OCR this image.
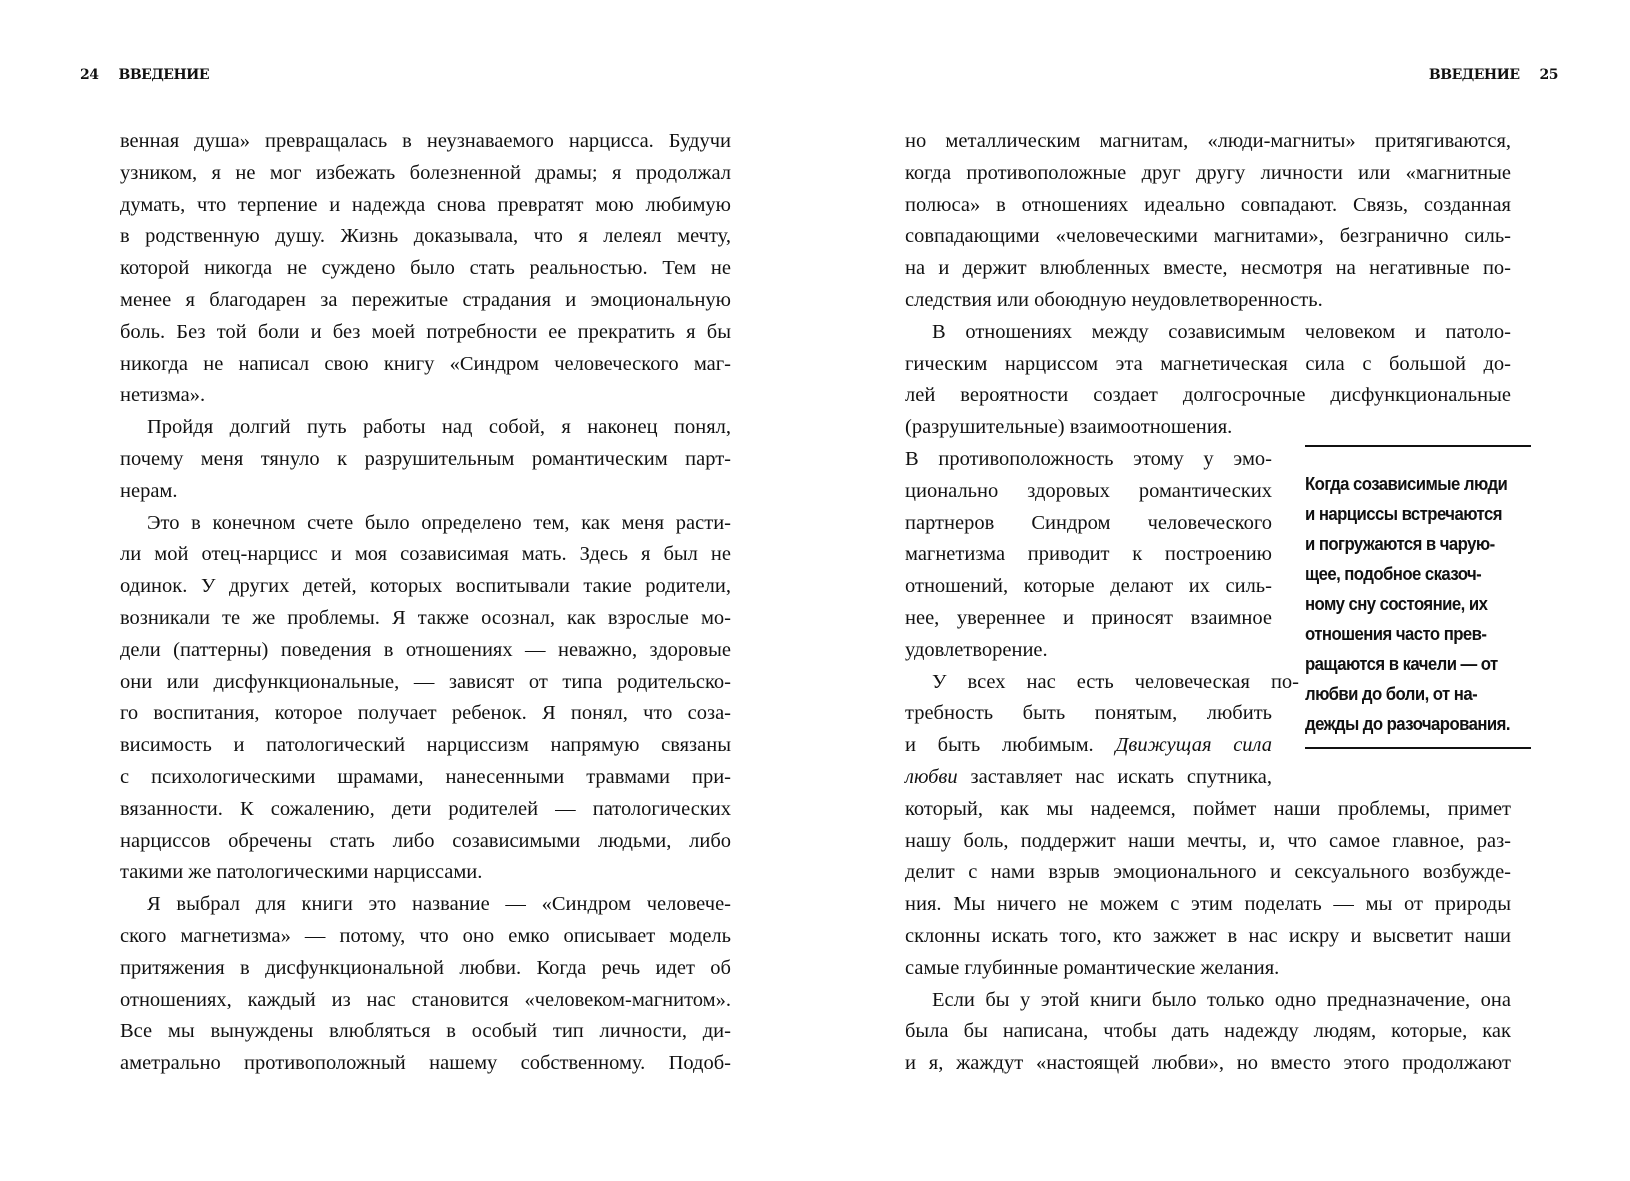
24 ВВЕДЕНИЕ	ВВЕДЕНИЕ 25
венная душа» превращалась в неузнаваемого нарцисса. Будучи
узником, я не мог избежать болезненной драмы; я продолжал
думать, что терпение и надежда снова превратят мою любимую
в родственную душу. Жизнь доказывала, что я лелеял мечту,
которой никогда не суждено было стать реальностью. Тем не
менее я благодарен за пережитые страдания и эмоциональную
боль. Без той боли и без моей потребности ее прекратить я бы
никогда не написал свою книгу «Синдром человеческого маг-
нетизма».
Пройдя долгий путь работы над собой, я наконец понял,
почему меня тянуло к разрушительным романтическим парт-
нерам.
Это в конечном счете было определено тем, как меня расти-
ли мой отец-нарцисс и моя созависимая мать. Здесь я был не
одинок. У других детей, которых воспитывали такие родители,
возникали те же проблемы. Я также осознал, как взрослые мо-
дели (паттерны) поведения в отношениях — неважно, здоровые
они или дисфункциональные, — зависят от типа родительско-
го воспитания, которое получает ребенок. Я понял, что соза-
висимость и патологический нарциссизм напрямую связаны
с психологическими шрамами, нанесенными травмами при-
вязанности. К сожалению, дети родителей — патологических
нарциссов обречены стать либо созависимыми людьми, либо
такими же патологическими нарциссами.
Я выбрал для книги это название — «Синдром человече-
ского магнетизма» — потому, что оно емко описывает модель
притяжения в дисфункциональной любви. Когда речь идет об
отношениях, каждый из нас становится «человеком-магнитом».
Все мы вынуждены влюбляться в особый тип личности, ди-
аметрально противоположный нашему собственному. Подоб-
но металлическим магнитам, «люди-магниты» притягиваются,
когда противоположные друг другу личности или «магнитные
полюса» в отношениях идеально совпадают. Связь, созданная
совпадающими «человеческими магнитами», безгранично силь-
на и держит влюбленных вместе, несмотря на негативные по-
следствия или обоюдную неудовлетворенность.
В отношениях между созависимым человеком и патоло-
гическим нарциссом эта магнетическая сила с большой до-
лей вероятности создает долгосрочные дисфункциональные
(разрушительные) взаимоотношения.
В противоположность этому у эмо-
ционально здоровых романтических
партнеров Синдром человеческого
магнетизма приводит к построению
отношений, которые делают их силь-
нее, увереннее и приносят взаимное
удовлетворение.
У всех нас есть человеческая по-
требность быть понятым, любить
и быть любимым. Движущая сила
любви заставляет нас искать спутника,
который, как мы надеемся, поймет наши проблемы, примет
нашу боль, поддержит наши мечты, и, что самое главное, раз-
делит с нами взрыв эмоционального и сексуального возбужде-
ния. Мы ничего не можем с этим поделать — мы от природы
склонны искать того, кто зажжет в нас искру и высветит наши
самые глубинные романтические желания.
Если бы у этой книги было только одно предназначение, она
была бы написана, чтобы дать надежду людям, которые, как
и я, жаждут «настоящей любви», но вместо этого продолжают
Когда созависимые люди
и нарциссы встречаются
и погружаются в чарую-
щее, подобное сказоч-
ному сну состояние, их
отношения часто прев-
ращаются в качели — от
любви до боли, от на-
дежды до разочарования.
